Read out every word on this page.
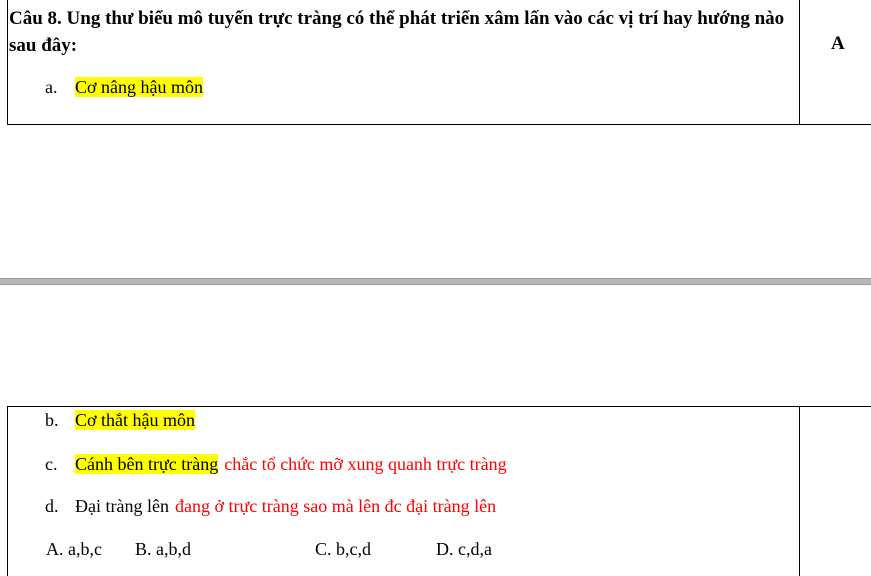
Câu 8. Ung thư biểu mô tuyến trực tràng có thể phát triển xâm lấn vào các vị trí hay hướng nào sau đây:	A
a. Cơ nâng hậu môn
b. Cơ thắt hậu môn
c. Cánh bên trực tràng chắc tổ chức mỡ xung quanh trực tràng
d. Đại tràng lên đang ở trực tràng sao mà lên đc đại tràng lên
A. a,b,c B. a,b,d	C. b,c,d	D. c,d,a
